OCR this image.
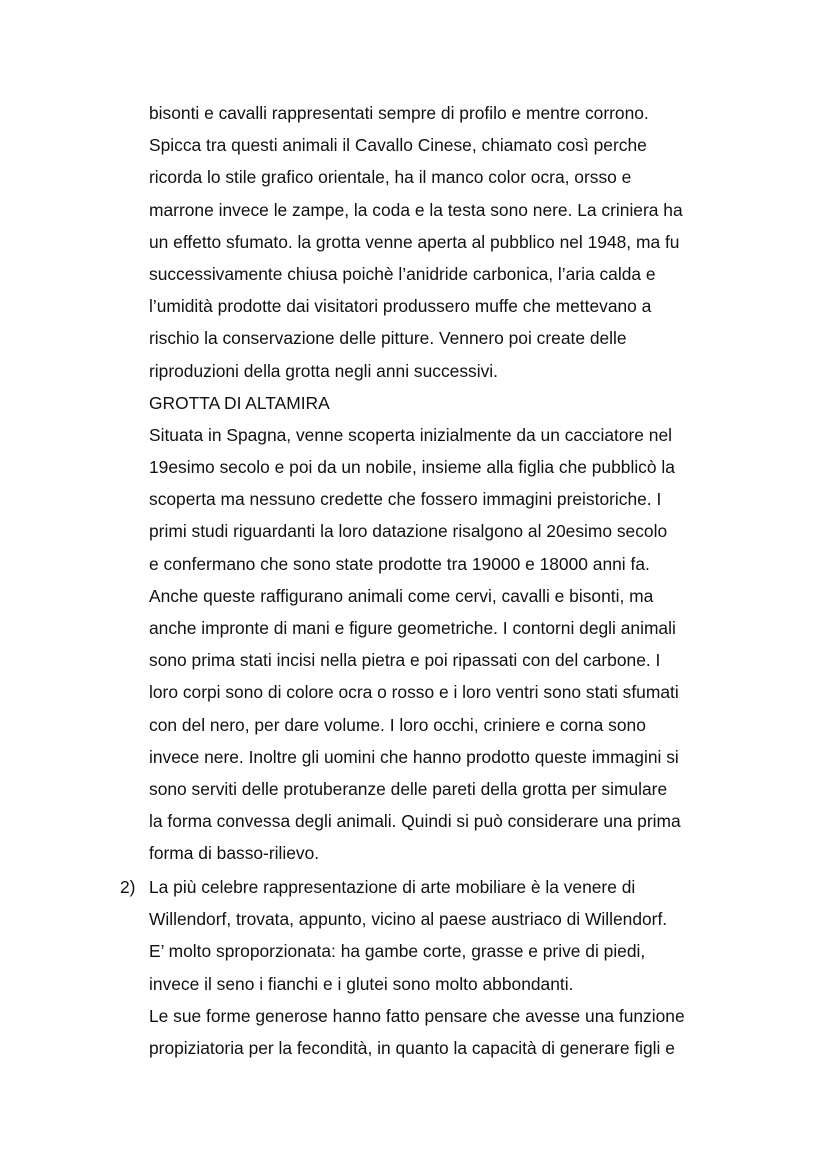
bisonti e cavalli rappresentati sempre di profilo e mentre corrono.
Spicca tra questi animali il Cavallo Cinese, chiamato così perche
ricorda lo stile grafico orientale, ha il manco color ocra, orsso e
marrone invece le zampe, la coda e la testa sono nere. La criniera ha
un effetto sfumato. la grotta venne aperta al pubblico nel 1948, ma fu
successivamente chiusa poichè l’anidride carbonica, l’aria calda e
l’umidità prodotte dai visitatori produssero muffe che mettevano a
rischio la conservazione delle pitture. Vennero poi create delle
riproduzioni della grotta negli anni successivi.
GROTTA DI ALTAMIRA
Situata in Spagna, venne scoperta inizialmente da un cacciatore nel
19esimo secolo e poi da un nobile, insieme alla figlia che pubblicò la
scoperta ma nessuno credette che fossero immagini preistoriche. I
primi studi riguardanti la loro datazione risalgono al 20esimo secolo
e confermano che sono state prodotte tra 19000 e 18000 anni fa.
Anche queste raffigurano animali come cervi, cavalli e bisonti, ma
anche impronte di mani e figure geometriche. I contorni degli animali
sono prima stati incisi nella pietra e poi ripassati con del carbone. I
loro corpi sono di colore ocra o rosso e i loro ventri sono stati sfumati
con del nero, per dare volume. I loro occhi, criniere e corna sono
invece nere. Inoltre gli uomini che hanno prodotto queste immagini si
sono serviti delle protuberanze delle pareti della grotta per simulare
la forma convessa degli animali. Quindi si può considerare una prima
forma di basso-rilievo.
2) La più celebre rappresentazione di arte mobiliare è la venere di
Willendorf, trovata, appunto, vicino al paese austriaco di Willendorf.
E’ molto sproporzionata: ha gambe corte, grasse e prive di piedi,
invece il seno i fianchi e i glutei sono molto abbondanti.
Le sue forme generose hanno fatto pensare che avesse una funzione
propiziatoria per la fecondità, in quanto la capacità di generare figli e
